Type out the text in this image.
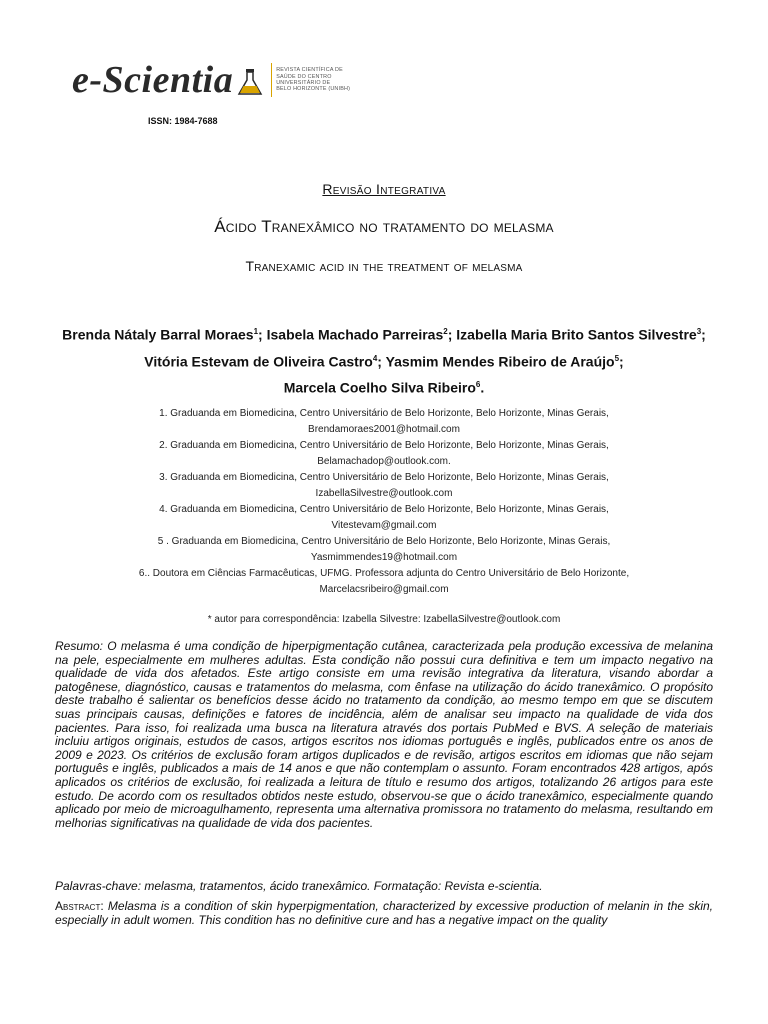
e-Scientia	REVISTA CIENTÍFICA DE
SAÚDE DO CENTRO
UNIVERSITÁRIO DE
BELO HORIZONTE (UNIBH)
ISSN: 1984-7688
Revisão Integrativa
Ácido Tranexâmico no tratamento do melasma
Tranexamic acid in the treatment of melasma
Brenda Nátaly Barral Moraes$^1$; Isabela Machado Parreiras$^2$; Izabella Maria Brito Santos Silvestre$^3$; Vitória Estevam de Oliveira Castro$^4$; Yasmim Mendes Ribeiro de Araújo$^5$;
Marcela Coelho Silva Ribeiro$^6$.

1. Graduanda em Biomedicina, Centro Universitário de Belo Horizonte, Belo Horizonte, Minas Gerais,

Brendamoraes2001@hotmail.com

2. Graduanda em Biomedicina, Centro Universitário de Belo Horizonte, Belo Horizonte, Minas Gerais,

Belamachadop@outlook.com.

3. Graduanda em Biomedicina, Centro Universitário de Belo Horizonte, Belo Horizonte, Minas Gerais,

IzabellaSilvestre@outlook.com

4. Graduanda em Biomedicina, Centro Universitário de Belo Horizonte, Belo Horizonte, Minas Gerais,

Vitestevam@gmail.com

5 . Graduanda em Biomedicina, Centro Universitário de Belo Horizonte, Belo Horizonte, Minas Gerais,

Yasmimmendes19@hotmail.com

6.. Doutora em Ciências Farmacêuticas, UFMG. Professora adjunta do Centro Universitário de Belo Horizonte,

Marcelacsribeiro@gmail.com

* autor para correspondência: Izabella Silvestre: IzabellaSilvestre@outlook.com

Resumo: O melasma é uma condição de hiperpigmentação cutânea, caracterizada pela produção excessiva de melanina na pele, especialmente em mulheres adultas. Esta condição não possui cura definitiva e tem um impacto negativo na qualidade de vida dos afetados. Este artigo consiste em uma revisão integrativa da literatura, visando abordar a patogênese, diagnóstico, causas e tratamentos do melasma, com ênfase na utilização do ácido tranexâmico. O propósito deste trabalho é salientar os benefícios desse ácido no tratamento da condição, ao mesmo tempo em que se discutem suas principais causas, definições e fatores de incidência, além de analisar seu impacto na qualidade de vida dos pacientes. Para isso, foi realizada uma busca na literatura através dos portais PubMed e BVS. A seleção de materiais incluiu artigos originais, estudos de casos, artigos escritos nos idiomas português e inglês, publicados entre os anos de 2009 e 2023. Os critérios de exclusão foram artigos duplicados e de revisão, artigos escritos em idiomas que não sejam português e inglês, publicados a mais de 14 anos e que não contemplam o assunto. Foram encontrados 428 artigos, após aplicados os critérios de exclusão, foi realizada a leitura de título e resumo dos artigos, totalizando 26 artigos para este estudo. De acordo com os resultados obtidos neste estudo, observou-se que o ácido tranexâmico, especialmente quando aplicado por meio de microagulhamento, representa uma alternativa promissora no tratamento do melasma, resultando em melhorias significativas na qualidade de vida dos pacientes.

Palavras-chave: melasma, tratamentos, ácido tranexâmico. Formatação: Revista e-scientia.

Abstract: Melasma is a condition of skin hyperpigmentation, characterized by excessive production of melanin in the skin, especially in adult women. This condition has no definitive cure and has a negative impact on the quality
